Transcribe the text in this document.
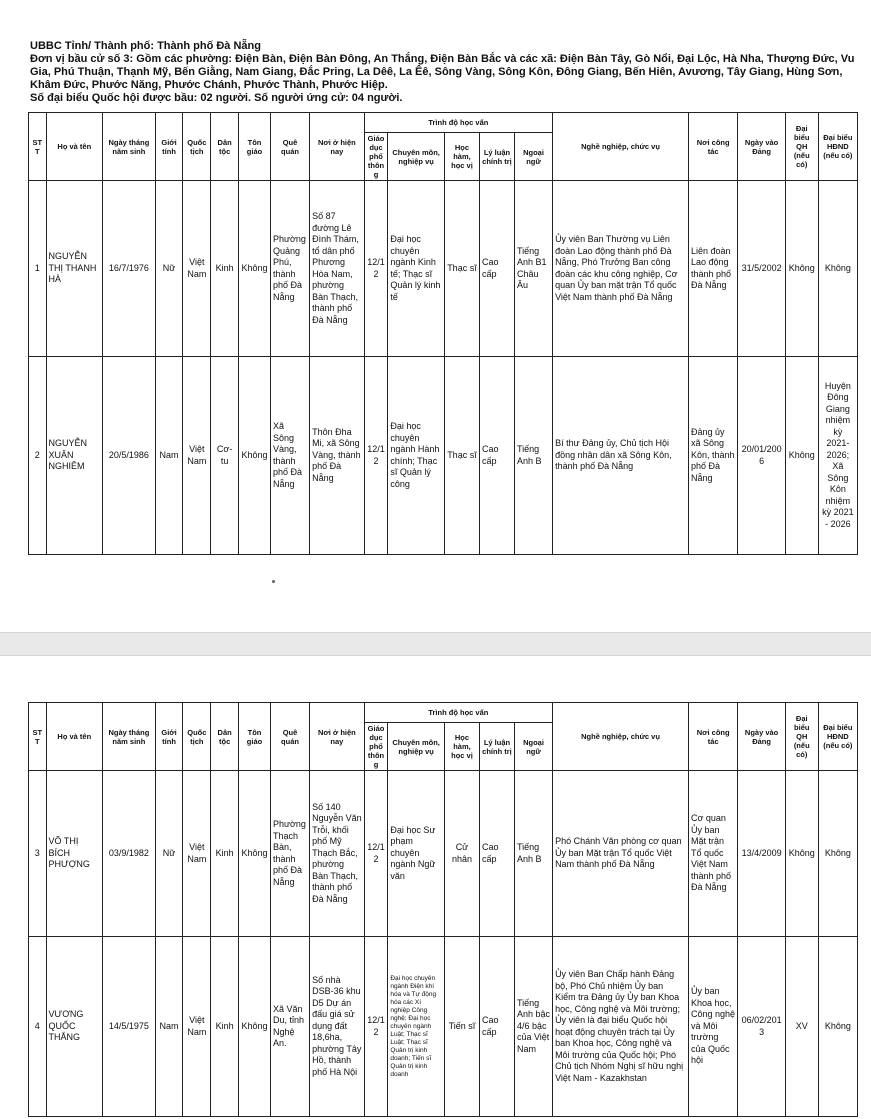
UBBC Tỉnh/ Thành phố: Thành phố Đà Nẵng
Đơn vị bầu cử số 3: Gồm các phường: Điện Bàn, Điện Bàn Đông, An Thắng, Điện Bàn Bắc và các xã: Điện Bàn Tây, Gò Nổi, Đại Lộc, Hà Nha, Thượng Đức, Vu Gia, Phú Thuận, Thạnh Mỹ, Bến Giằng, Nam Giang, Đắc Pring, La Dêê, La Êê, Sông Vàng, Sông Kôn, Đông Giang, Bến Hiên, Avương, Tây Giang, Hùng Sơn, Khâm Đức, Phước Năng, Phước Chánh, Phước Thành, Phước Hiệp.
Số đại biểu Quốc hội được bầu: 02 người. Số người ứng cử: 04 người.
ST T	Họ và tên	Ngày tháng năm sinh	Giới tính	Quốc tịch	Dân tộc	Tôn giáo	Quê quán	Nơi ở hiện nay	Trình độ học vấn					Nghề nghiệp, chức vụ	Nơi công tác	Ngày vào Đảng	Đại biểu QH (nếu có)	Đại biểu HĐND (nếu có)
									Giáo dục phổ thông	Chuyên môn, nghiệp vụ	Học hàm, học vị	Lý luận chính trị	Ngoại ngữ					
1	NGUYỄN THỊ THANH HÀ	16/7/1976	Nữ	Việt Nam	Kinh	Không	Phường Quảng Phú, thành phố Đà Nẵng	Số 87 đường Lê Đình Thám, tổ dân phố Phương Hòa Nam, phường Bàn Thạch, thành phố Đà Nẵng	12/12	Đại học chuyên ngành Kinh tế; Thạc sĩ Quản lý kinh tế	Thạc sĩ	Cao cấp	Tiếng Anh B1 Châu Âu	Ủy viên Ban Thường vụ Liên đoàn Lao động thành phố Đà Nẵng, Phó Trưởng Ban công đoàn các khu công nghiệp, Cơ quan Ủy ban mặt trận Tổ quốc Việt Nam thành phố Đà Nẵng	Liên đoàn Lao động thành phố Đà Nẵng	31/5/2002	Không	Không
2	NGUYỄN XUÂN NGHIÊM	20/5/1986	Nam	Việt Nam	Cơ-tu	Không	Xã Sông Vàng, thành phố Đà Nẵng	Thôn Đha Mi, xã Sông Vàng, thành phố Đà Nẵng	12/12	Đại học chuyên ngành Hành chính; Thạc sĩ Quản lý công	Thạc sĩ	Cao cấp	Tiếng Anh B	Bí thư Đảng ủy, Chủ tịch Hội đồng nhân dân xã Sông Kôn, thành phố Đà Nẵng	Đảng ủy xã Sông Kôn, thành phố Đà Nẵng	20/01/2006	Không	Huyện Đông Giang nhiệm kỳ 2021-2026; Xã Sông Kôn nhiệm kỳ 2021 - 2026
ST T	Họ và tên	Ngày tháng năm sinh	Giới tính	Quốc tịch	Dân tộc	Tôn giáo	Quê quán	Nơi ở hiện nay	Trình độ học vấn					Nghề nghiệp, chức vụ	Nơi công tác	Ngày vào Đảng	Đại biểu QH (nếu có)	Đại biểu HĐND (nếu có)
									Giáo dục phổ thông	Chuyên môn, nghiệp vụ	Học hàm, học vị	Lý luận chính trị	Ngoại ngữ					
3	VÕ THỊ BÍCH PHƯỢNG	03/9/1982	Nữ	Việt Nam	Kinh	Không	Phường Thạch Bàn, thành phố Đà Nẵng	Số 140 Nguyễn Văn Trỗi, khối phố Mỹ Thạch Bắc, phường Bàn Thạch, thành phố Đà Nẵng	12/12	Đại học Sư phạm chuyên ngành Ngữ văn	Cử nhân	Cao cấp	Tiếng Anh B	Phó Chánh Văn phòng cơ quan Ủy ban Mặt trận Tổ quốc Việt Nam thành phố Đà Nẵng	Cơ quan Ủy ban Mặt trận Tổ quốc Việt Nam thành phố Đà Nẵng	13/4/2009	Không	Không
4	VƯƠNG QUỐC THẮNG	14/5/1975	Nam	Việt Nam	Kinh	Không	Xã Văn Du, tỉnh Nghệ An.	Số nhà DSB-36 khu D5 Dự án đấu giá sử dụng đất 18,6ha, phường Tây Hồ, thành phố Hà Nội	12/12	Đại học chuyên ngành Điện khí hóa và Tự động hóa các Xí nghiệp Công nghệ; Đại học chuyên ngành Luật; Thạc sĩ Luật; Thạc sĩ Quản trị kinh doanh; Tiến sĩ Quản trị kinh doanh	Tiến sĩ	Cao cấp	Tiếng Anh bậc 4/6 bậc của Việt Nam	Ủy viên Ban Chấp hành Đảng bộ, Phó Chủ nhiệm Ủy ban Kiểm tra Đảng ủy Ủy ban Khoa học, Công nghệ và Môi trường; Ủy viên là đại biểu Quốc hội hoạt động chuyên trách tại Ủy ban Khoa học, Công nghệ và Môi trường của Quốc hội; Phó Chủ tịch Nhóm Nghị sĩ hữu nghị Việt Nam - Kazakhstan	Ủy ban Khoa học, Công nghệ và Môi trường của Quốc hội	06/02/2013	XV	Không
